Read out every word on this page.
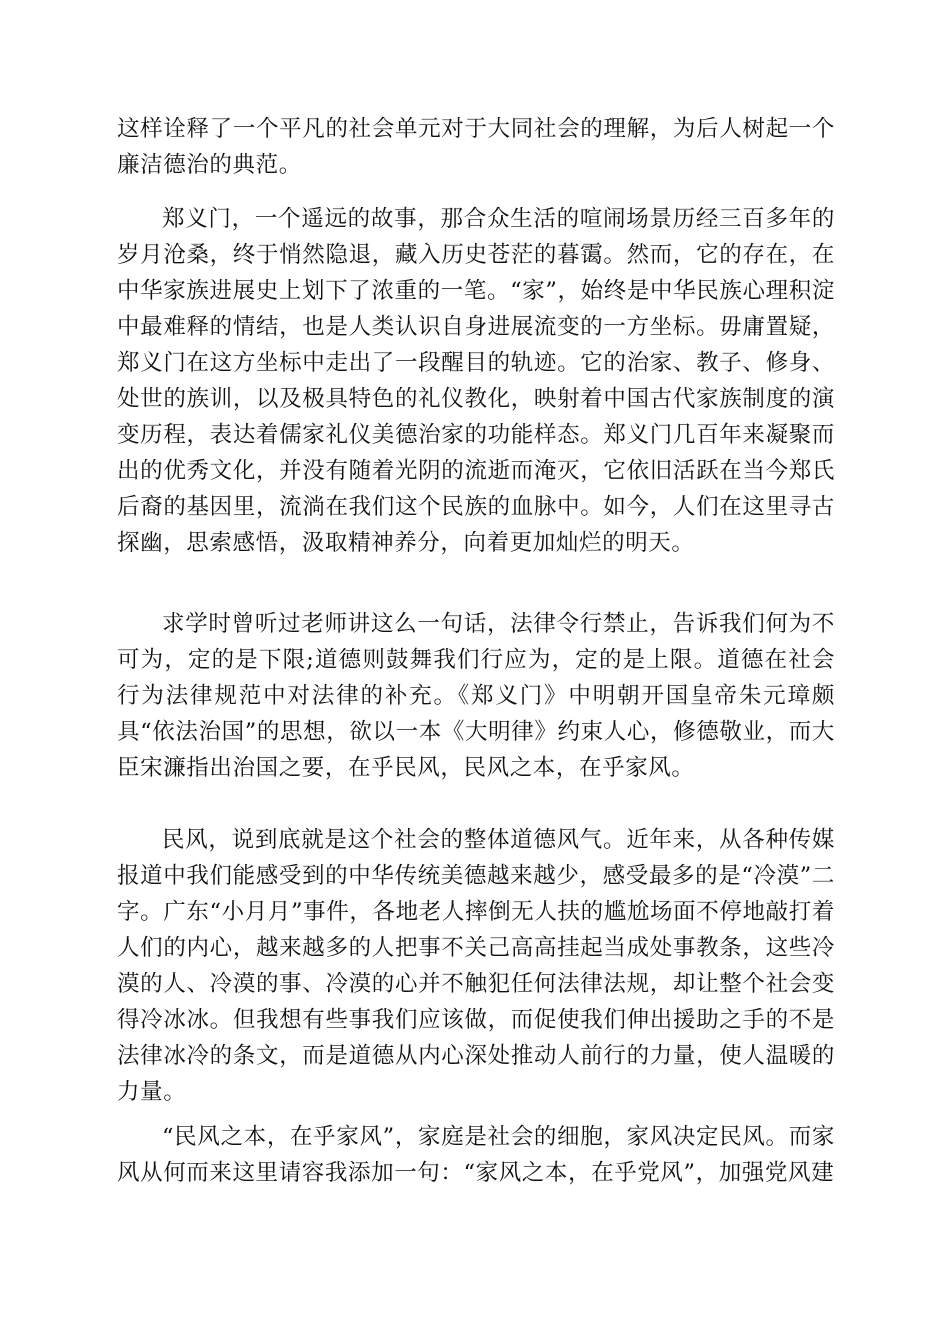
这样诠释了一个平凡的社会单元对于大同社会的理解，为后人树起一个廉洁德治的典范。

郑义门，一个遥远的故事，那合众生活的喧闹场景历经三百多年的岁月沧桑，终于悄然隐退，藏入历史苍茫的暮霭。然而，它的存在，在中华家族进展史上划下了浓重的一笔。“家”，始终是中华民族心理积淀中最难释的情结，也是人类认识自身进展流变的一方坐标。毋庸置疑，郑义门在这方坐标中走出了一段醒目的轨迹。它的治家、教子、修身、处世的族训，以及极具特色的礼仪教化，映射着中国古代家族制度的演变历程，表达着儒家礼仪美德治家的功能样态。郑义门几百年来凝聚而出的优秀文化，并没有随着光阴的流逝而淹灭，它依旧活跃在当今郑氏后裔的基因里，流淌在我们这个民族的血脉中。如今，人们在这里寻古探幽，思索感悟，汲取精神养分，向着更加灿烂的明天。

求学时曾听过老师讲这么一句话，法律令行禁止，告诉我们何为不可为，定的是下限;道德则鼓舞我们行应为，定的是上限。道德在社会行为法律规范中对法律的补充。《郑义门》中明朝开国皇帝朱元璋颇具“依法治国”的思想，欲以一本《大明律》约束人心，修德敬业，而大臣宋濂指出治国之要，在乎民风，民风之本，在乎家风。

民风，说到底就是这个社会的整体道德风气。近年来，从各种传媒报道中我们能感受到的中华传统美德越来越少，感受最多的是“冷漠”二字。广东“小月月”事件，各地老人摔倒无人扶的尴尬场面不停地敲打着人们的内心，越来越多的人把事不关己高高挂起当成处事教条，这些冷漠的人、冷漠的事、冷漠的心并不触犯任何法律法规，却让整个社会变得冷冰冰。但我想有些事我们应该做，而促使我们伸出援助之手的不是法律冰冷的条文，而是道德从内心深处推动人前行的力量，使人温暖的力量。

“民风之本，在乎家风”，家庭是社会的细胞，家风决定民风。而家风从何而来这里请容我添加一句：“家风之本，在乎党风”，加强党风建
